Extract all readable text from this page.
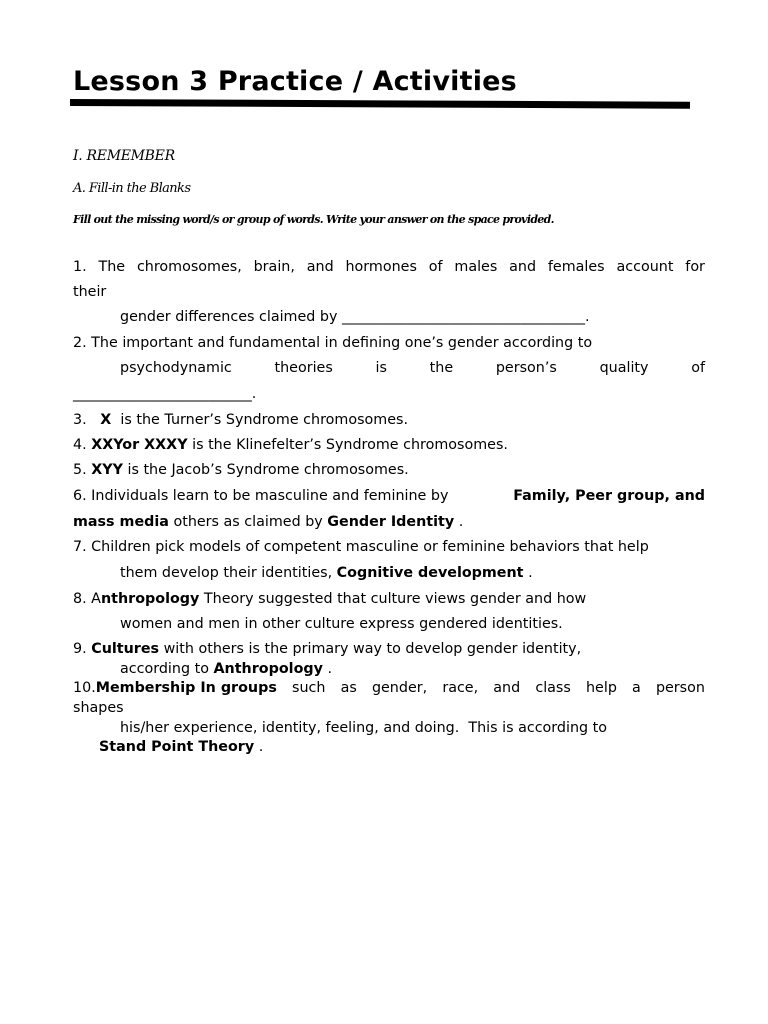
Lesson 3 Practice / Activities

I. REMEMBER

A. Fill-in the Blanks

Fill out the missing word/s or group of words. Write your answer on the space provided.

1. The chromosomes, brain, and hormones of males and females account for

their

gender differences claimed by __________________________________.

2. The important and fundamental in defining one’s gender according to

psychodynamic	theories	is	the	person’s	quality	of

_________________________.

3. X is the Turner’s Syndrome chromosomes.

4. XXYor XXXY is the Klinefelter’s Syndrome chromosomes.

5. XYY is the Jacob’s Syndrome chromosomes.

6. Individuals learn to be masculine and feminine by	Family, Peer group, and

mass media others as claimed by Gender Identity .

7. Children pick models of competent masculine or feminine behaviors that help

them develop their identities, Cognitive development .

8. Anthropology Theory suggested that culture views gender and how

women and men in other culture express gendered identities.

9. Cultures with others is the primary way to develop gender identity,

according to Anthropology .

10.Membership In groups such as gender, race, and class help a person

shapes

his/her experience, identity, feeling, and doing.  This is according to

Stand Point Theory .
